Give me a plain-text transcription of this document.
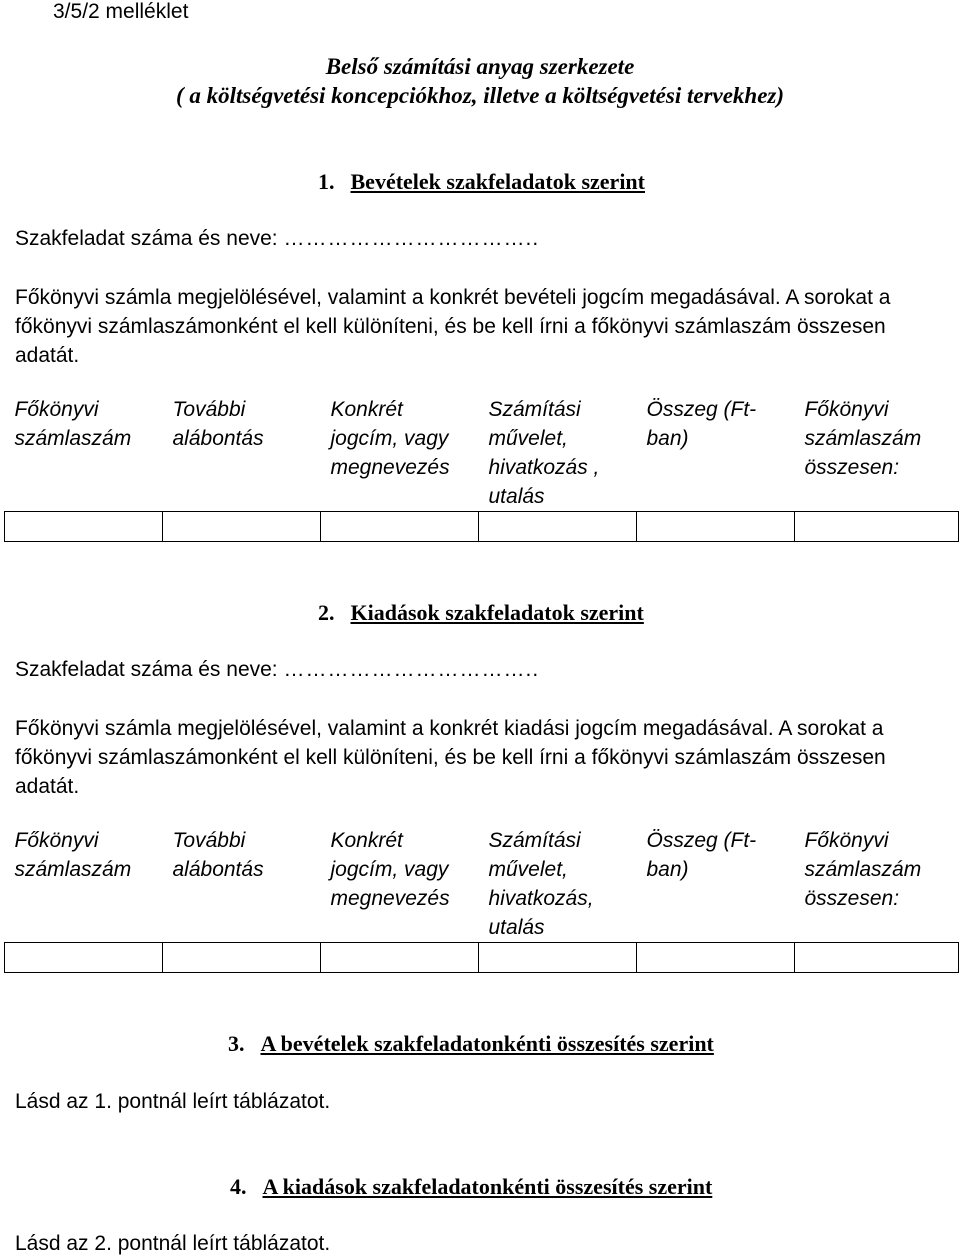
3/5/2 melléklet
Belső számítási anyag szerkezete
( a költségvetési koncepciókhoz, illetve a költségvetési tervekhez)
1. Bevételek szakfeladatok szerint
Szakfeladat száma és neve: ……………………………..
Főkönyvi számla megjelölésével, valamint a konkrét bevételi jogcím megadásával. A sorokat a főkönyvi számlaszámonként el kell különíteni, és be kell írni a főkönyvi számlaszám összesen adatát.
Főkönyvi számlaszám	További alábontás	Konkrét jogcím, vagy megnevezés	Számítási művelet, hivatkozás , utalás	Összeg (Ft-ban)	Főkönyvi számlaszám összesen:

2. Kiadások szakfeladatok szerint
Szakfeladat száma és neve: ……………………………..
Főkönyvi számla megjelölésével, valamint a konkrét kiadási jogcím megadásával. A sorokat a főkönyvi számlaszámonként el kell különíteni, és be kell írni a főkönyvi számlaszám összesen adatát.
Főkönyvi számlaszám	További alábontás	Konkrét jogcím, vagy megnevezés	Számítási művelet, hivatkozás, utalás	Összeg (Ft-ban)	Főkönyvi számlaszám összesen:

3. A bevételek szakfeladatonkénti összesítés szerint
Lásd az 1. pontnál leírt táblázatot.
4. A kiadások szakfeladatonkénti összesítés szerint
Lásd az 2. pontnál leírt táblázatot.
